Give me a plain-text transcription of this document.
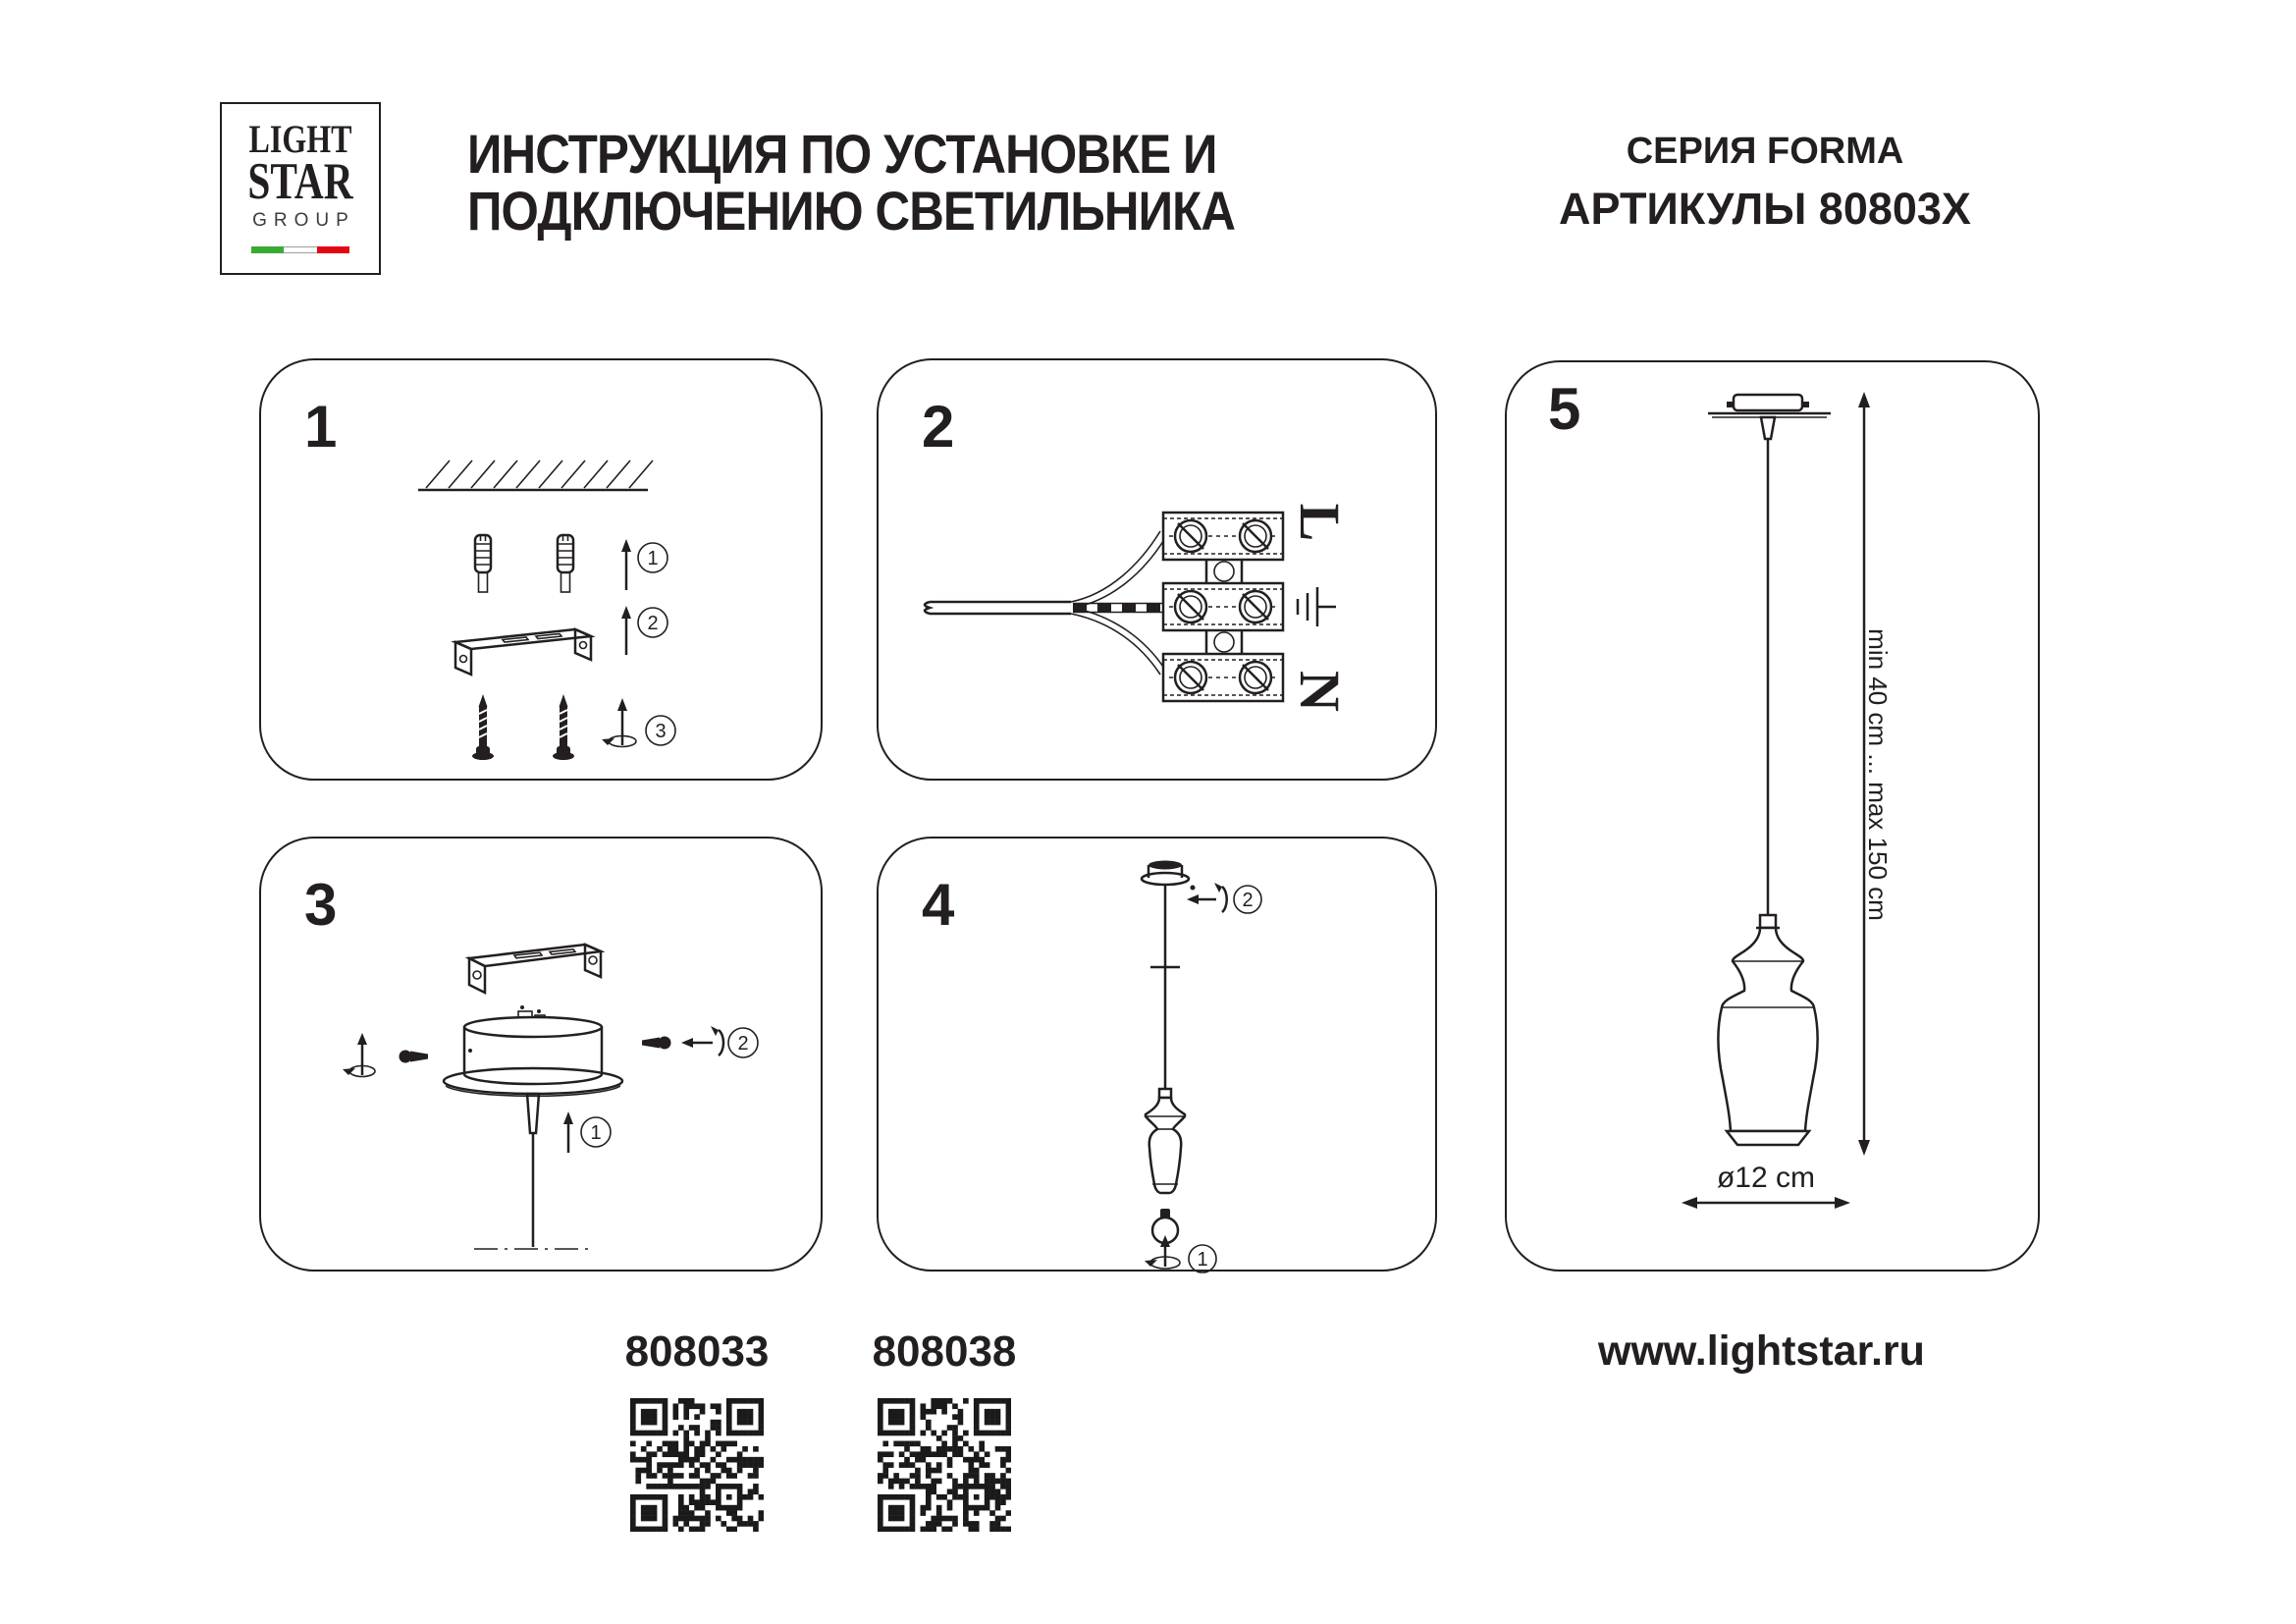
LIGHT
STAR
GROUP
ИНСТРУКЦИЯ ПО УСТАНОВКЕ И
ПОДКЛЮЧЕНИЮ СВЕТИЛЬНИКА
СЕРИЯ FORMA
АРТИКУЛЫ 80803X
1
1
2
3
2
L
N
3
2
1
4	2
1
5
min 40 cm ... max 150 cm
ø12 cm
808033	808038	www.lightstar.ru
